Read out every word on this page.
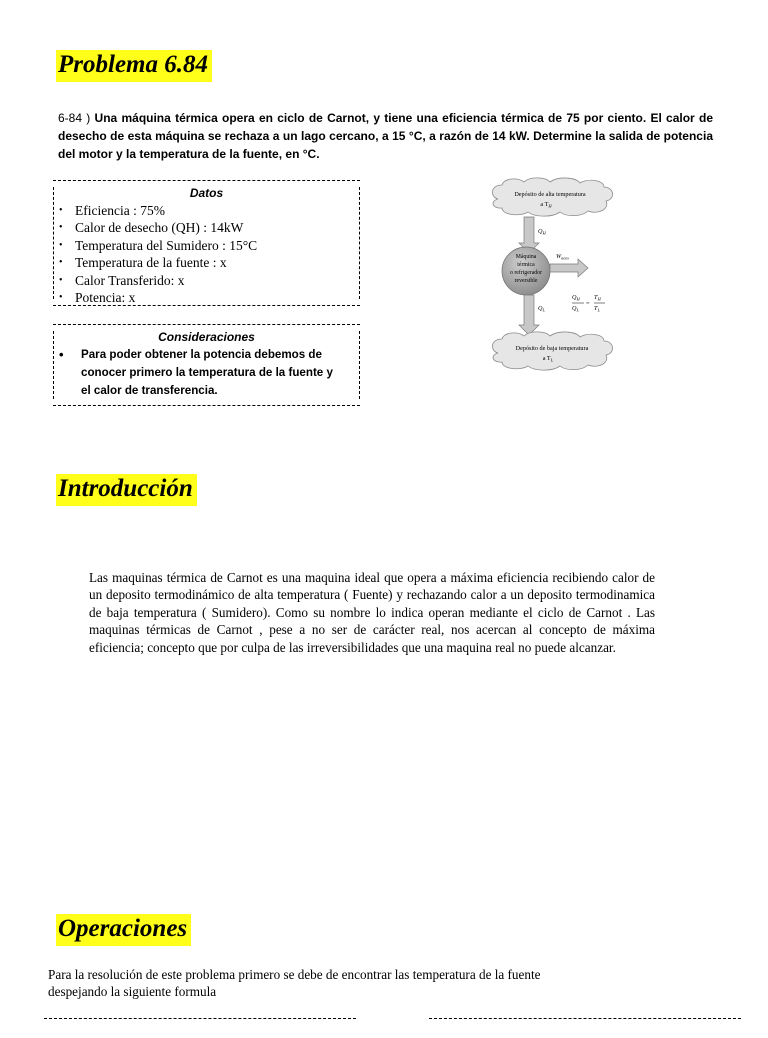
Problema 6.84

6-84 ) Una máquina térmica opera en ciclo de Carnot, y tiene una eficiencia térmica de 75 por ciento. El calor de desecho de esta máquina se rechaza a un lago cercano, a 15 °C, a razón de 14 kW. Determine la salida de potencia del motor y la temperatura de la fuente, en °C.

Datos
• Eficiencia : 75%
• Calor de desecho (QH) : 14kW
• Temperatura del Sumidero : 15°C
• Temperatura de la fuente : x
• Calor Transferido: x
• Potencia: x
Consideraciones

•	Para poder obtener la potencia debemos de
conocer primero la temperatura de la fuente y
el calor de transferencia.

Depósito de alta temperatura
a $T_H$
$Q_H$
Máquina
térmica
o refrigerador
reversible
$W_{neto}$
$Q_L$
$Q_H$
$Q_L$
=
$T_H$
$T_L$
Depósito de baja temperatura
a $T_L$
Introducción

Las maquinas térmica de Carnot es una maquina ideal que opera a máxima eficiencia recibiendo calor de un deposito termodinámico de alta temperatura ( Fuente) y rechazando calor a un deposito termodinamica de baja temperatura ( Sumidero). Como su nombre lo indica operan mediante el ciclo de Carnot . Las maquinas térmicas de Carnot , pese a no ser de carácter real, nos acercan al concepto de máxima eficiencia; concepto que por culpa de las irreversibilidades que una maquina real no puede alcanzar.

Operaciones

Para la resolución de este problema primero se debe de encontrar las temperatura de la fuente despejando la siguiente formula
